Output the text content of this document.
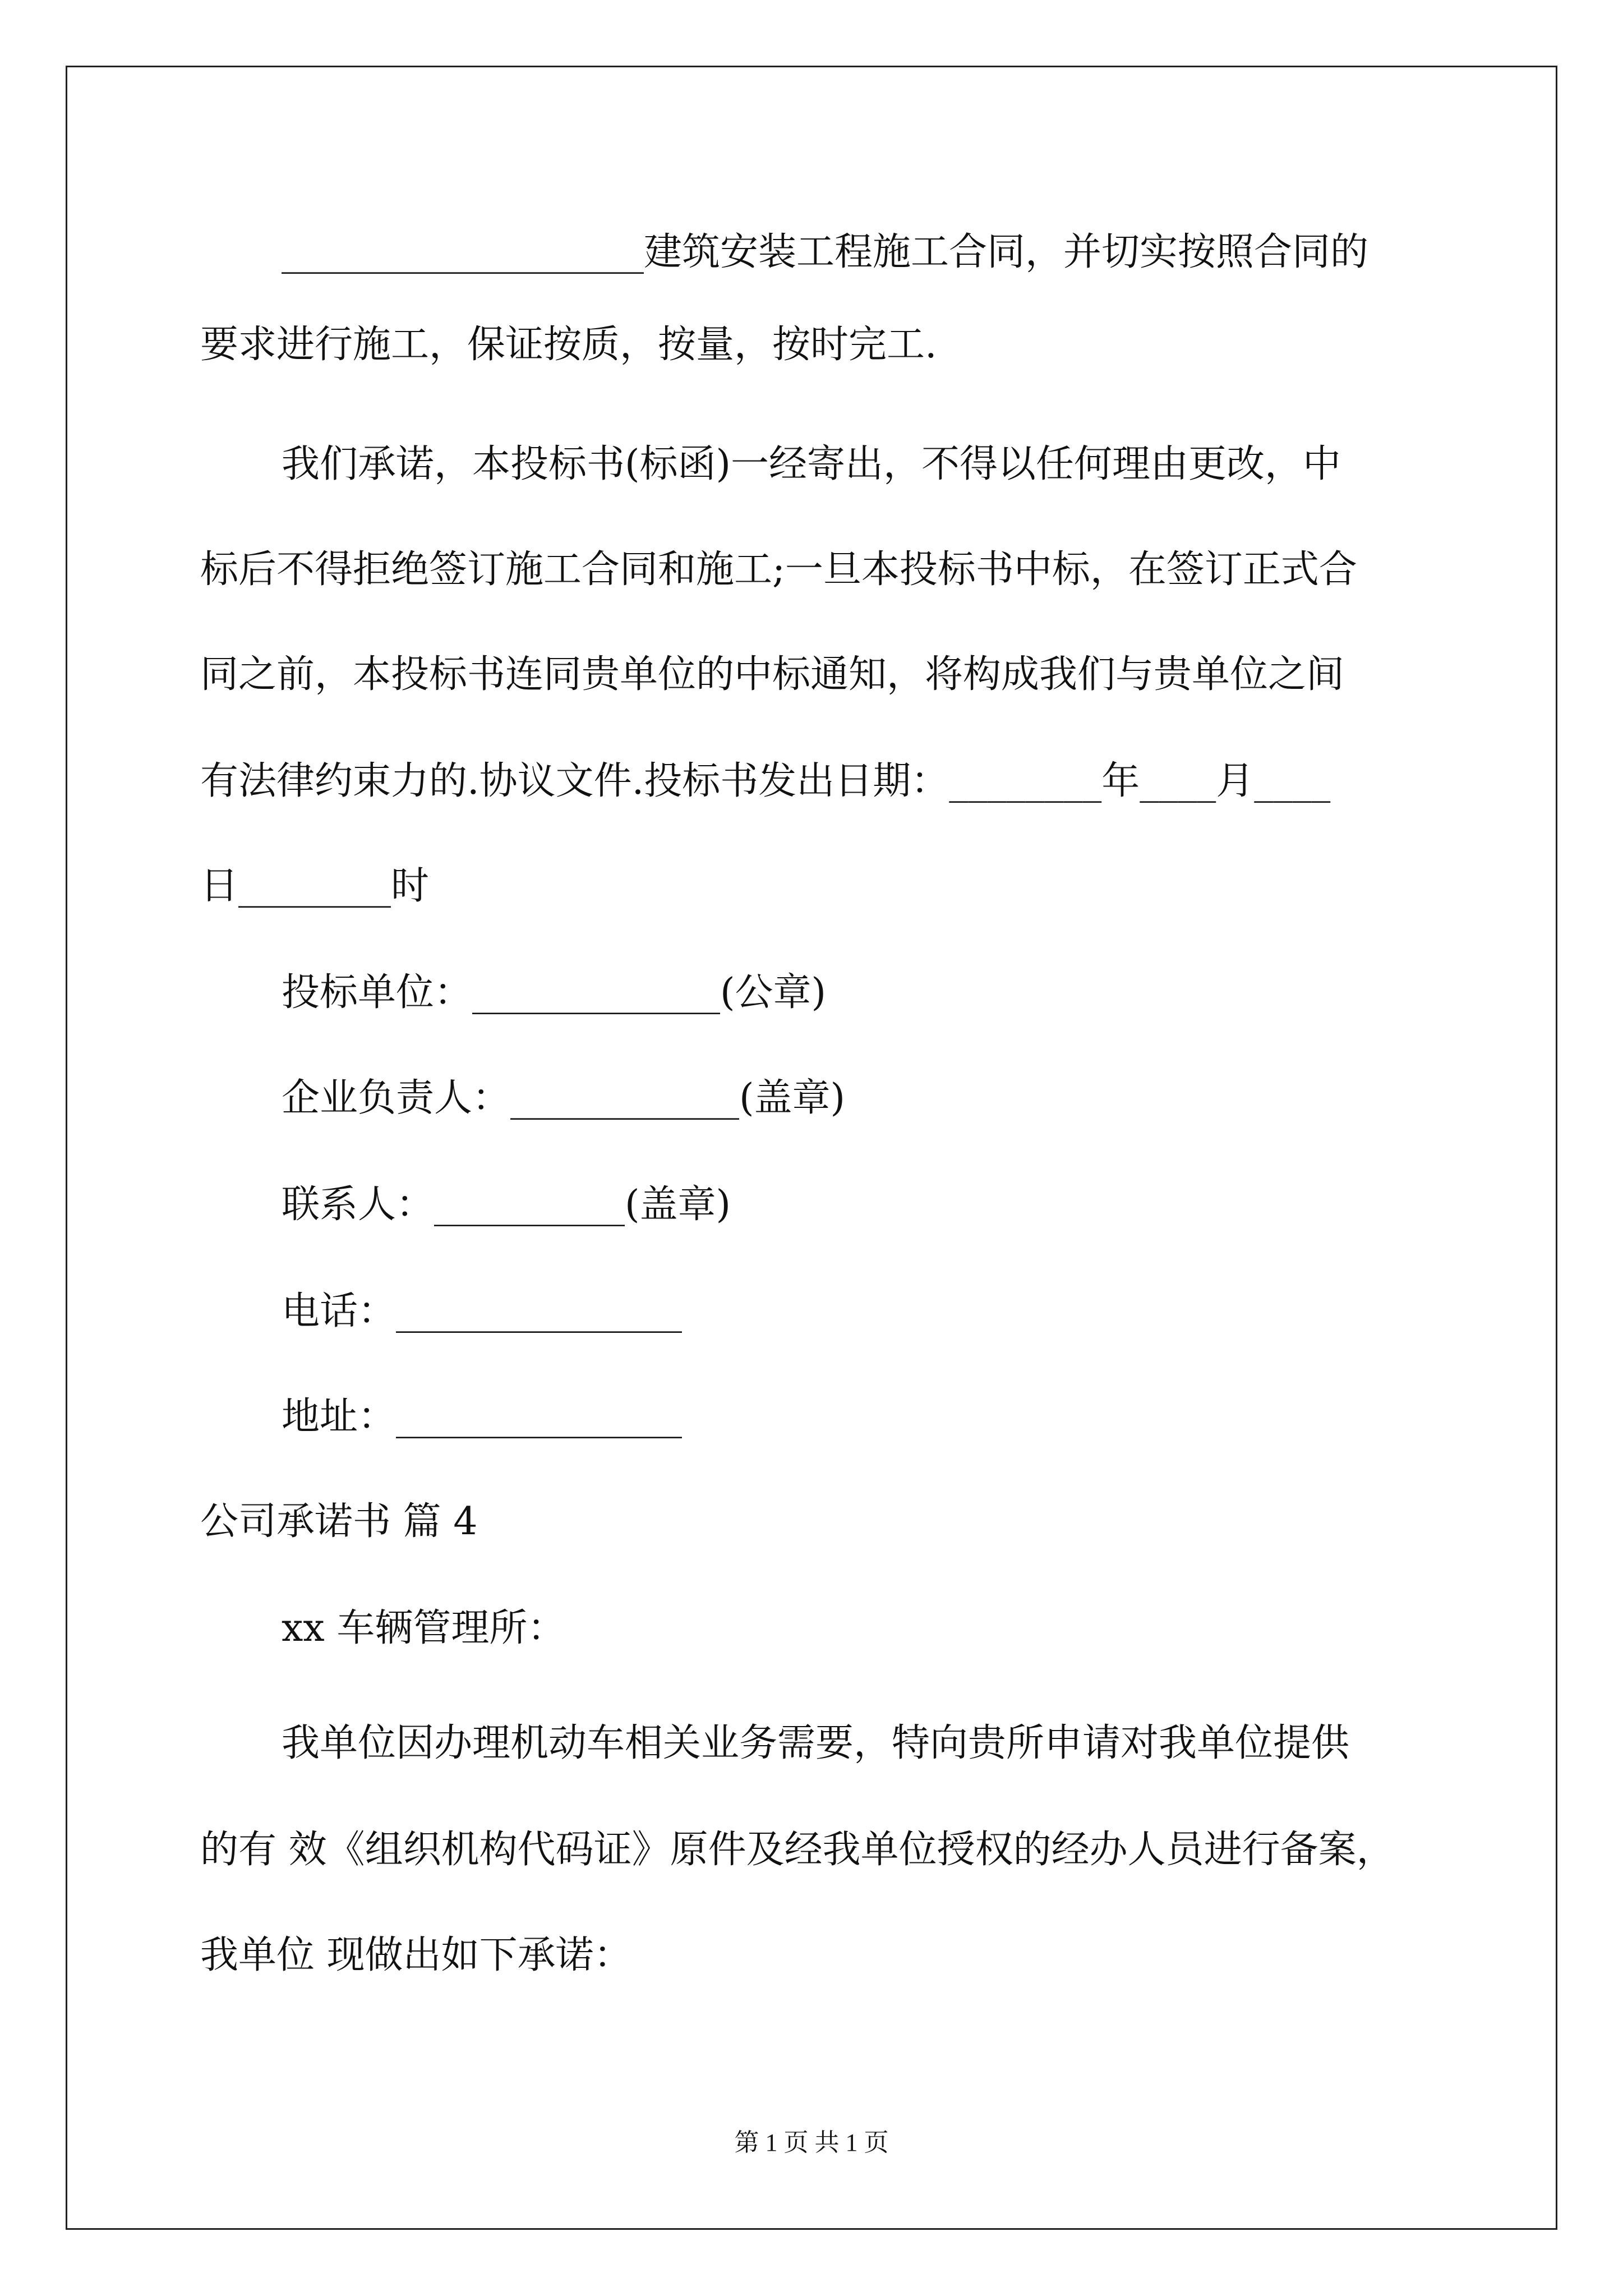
___________________建筑安装工程施工合同，并切实按照合同的
要求进行施工，保证按质，按量，按时完工.
我们承诺，本投标书(标函)一经寄出，不得以任何理由更改，中
标后不得拒绝签订施工合同和施工;一旦本投标书中标，在签订正式合
同之前，本投标书连同贵单位的中标通知，将构成我们与贵单位之间
有法律约束力的.协议文件.投标书发出日期：________年____月____
日________时
投标单位：_____________(公章)
企业负责人：____________(盖章)
联系人：__________(盖章)
电话：_______________
地址：_______________
公司承诺书 篇 4
xx 车辆管理所：
我单位因办理机动车相关业务需要，特向贵所申请对我单位提供
的有 效《组织机构代码证》原件及经我单位授权的经办人员进行备案，
我单位 现做出如下承诺：
第 1 页 共 1 页
